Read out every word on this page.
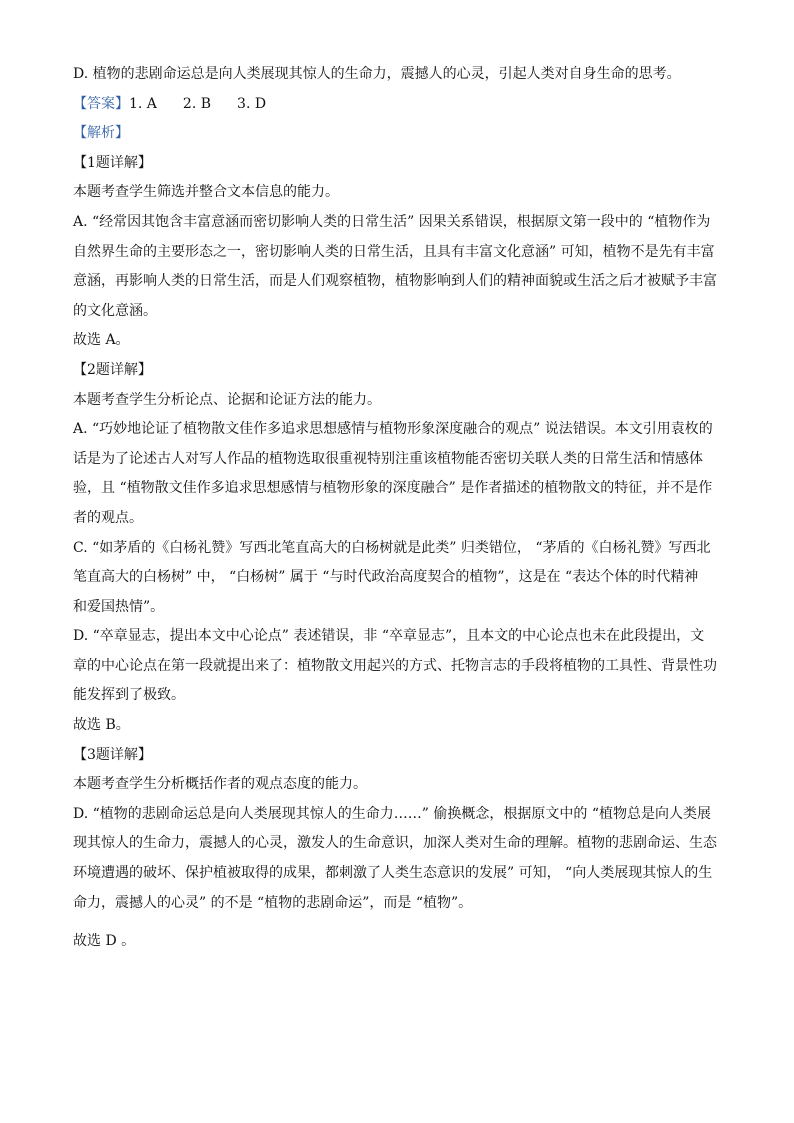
D. 植物的悲剧命运总是向人类展现其惊人的生命力，震撼人的心灵，引起人类对自身生命的思考。
【答案】1. A 2. B 3. D
【解析】
【1题详解】
本题考查学生筛选并整合文本信息的能力。
A. “经常因其饱含丰富意涵而密切影响人类的日常生活” 因果关系错误，根据原文第一段中的 “植物作为
自然界生命的主要形态之一，密切影响人类的日常生活，且具有丰富文化意涵” 可知，植物不是先有丰富
意涵，再影响人类的日常生活，而是人们观察植物，植物影响到人们的精神面貌或生活之后才被赋予丰富
的文化意涵。
故选 A。
【2题详解】
本题考查学生分析论点、论据和论证方法的能力。
A. “巧妙地论证了植物散文佳作多追求思想感情与植物形象深度融合的观点” 说法错误。本文引用袁枚的
话是为了论述古人对写人作品的植物选取很重视特别注重该植物能否密切关联人类的日常生活和情感体
验，且 “植物散文佳作多追求思想感情与植物形象的深度融合” 是作者描述的植物散文的特征，并不是作
者的观点。
C. “如茅盾的《白杨礼赞》写西北笔直高大的白杨树就是此类” 归类错位， “茅盾的《白杨礼赞》写西北
笔直高大的白杨树” 中， “白杨树” 属于 “与时代政治高度契合的植物”，这是在 “表达个体的时代精神
和爱国热情”。
D. “卒章显志，提出本文中心论点” 表述错误，非 “卒章显志”，且本文的中心论点也未在此段提出，文
章的中心论点在第一段就提出来了：植物散文用起兴的方式、托物言志的手段将植物的工具性、背景性功
能发挥到了极致。
故选 B。
【3题详解】
本题考查学生分析概括作者的观点态度的能力。
D. “植物的悲剧命运总是向人类展现其惊人的生命力……” 偷换概念，根据原文中的 “植物总是向人类展
现其惊人的生命力，震撼人的心灵，激发人的生命意识，加深人类对生命的理解。植物的悲剧命运、生态
环境遭遇的破坏、保护植被取得的成果，都刺激了人类生态意识的发展” 可知， “向人类展现其惊人的生
命力，震撼人的心灵” 的不是 “植物的悲剧命运”，而是 “植物”。
故选 D 。
